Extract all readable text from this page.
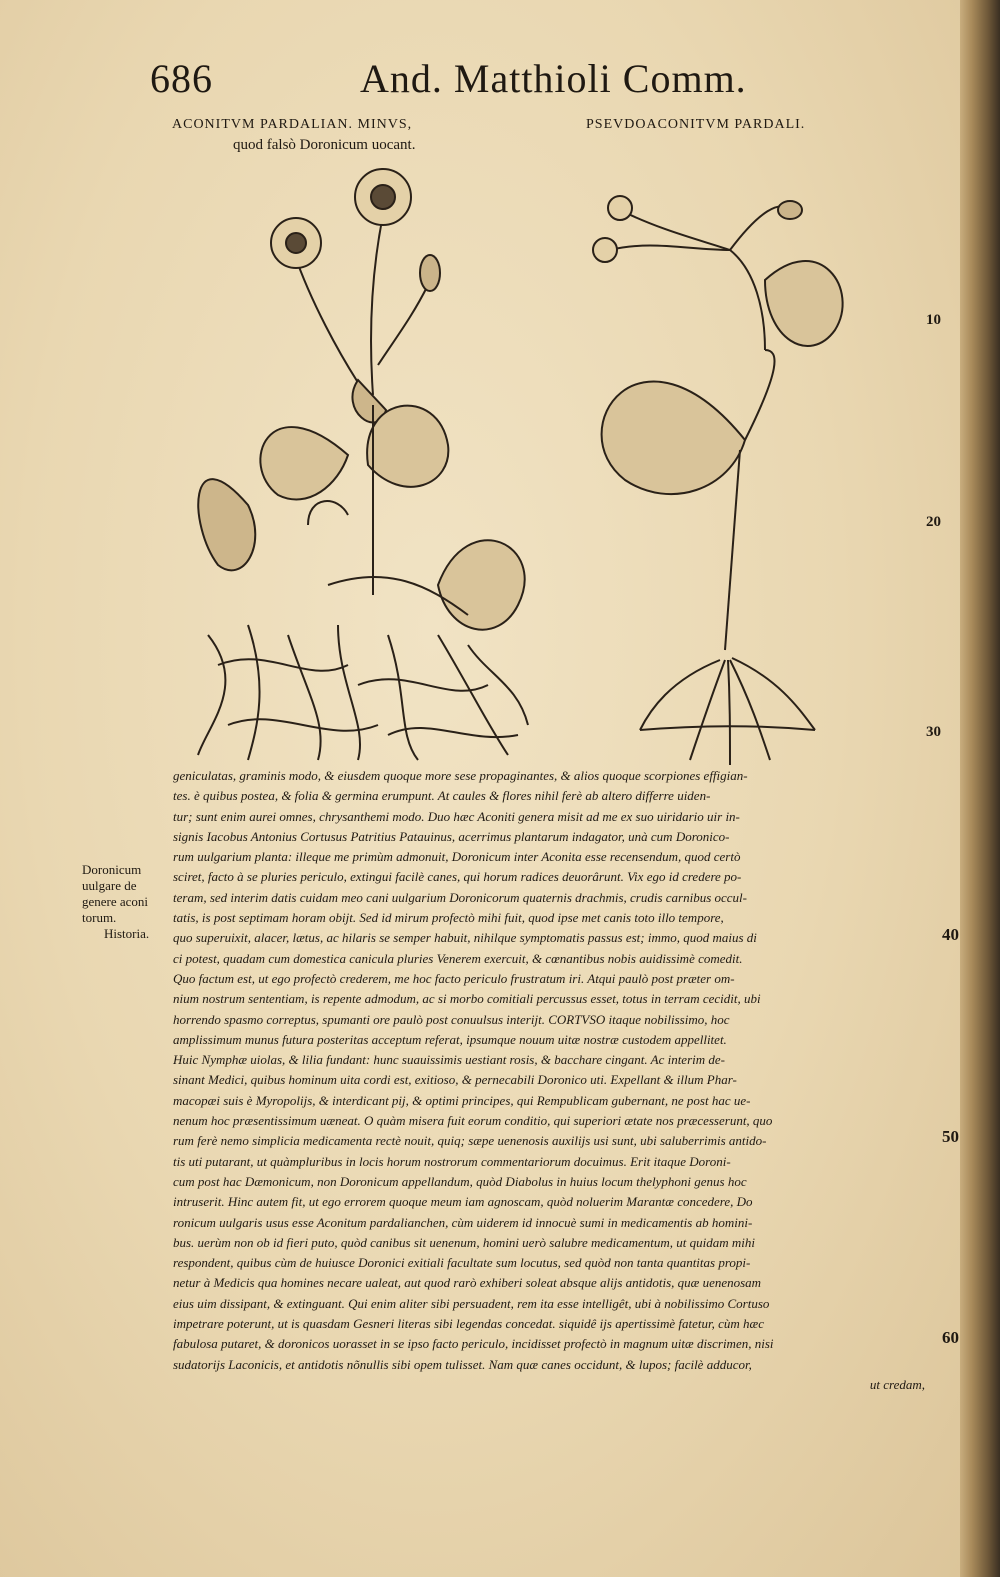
686	And. Matthioli Comm.
ACONITVM PARDALIAN. MINVS,
quod falsò Doronicum uocant.
PSEVDOACONITVM PARDALI.
10
20
30
40
50
60
Doronicum
uulgare de
genere aconi
torum.
Historia.
geniculatas, graminis modo, & eiusdem quoque more sese propaginantes, & alios quoque scorpiones effigian-
tes. è quibus postea, & folia & germina erumpunt. At caules & flores nihil ferè ab altero differre uiden-
tur; sunt enim aurei omnes, chrysanthemi modo. Duo hæc Aconiti genera misit ad me ex suo uiridario uir in-
signis Iacobus Antonius Cortusus Patritius Patauinus, acerrimus plantarum indagator, unà cum Doronico-
rum uulgarium planta: illeque me primùm admonuit, Doronicum inter Aconita esse recensendum, quod certò
sciret, facto à se pluries periculo, extingui facilè canes, qui horum radices deuorârunt. Vix ego id credere po-
teram, sed interim datis cuidam meo cani uulgarium Doronicorum quaternis drachmis, crudis carnibus occul-
tatis, is post septimam horam obijt. Sed id mirum profectò mihi fuit, quod ipse met canis toto illo tempore,
quo superuixit, alacer, lætus, ac hilaris se semper habuit, nihilque symptomatis passus est; immo, quod maius di
ci potest, quadam cum domestica canicula pluries Venerem exercuit, & cœnantibus nobis auidissimè comedit.
Quo factum est, ut ego profectò crederem, me hoc facto periculo frustratum iri. Atqui paulò post præter om-
nium nostrum sententiam, is repente admodum, ac si morbo comitiali percussus esset, totus in terram cecidit, ubi
horrendo spasmo correptus, spumanti ore paulò post conuulsus interijt. CORTVSO itaque nobilissimo, hoc
amplissimum munus futura posteritas acceptum referat, ipsumque nouum uitæ nostræ custodem appellitet.
Huic Nymphæ uiolas, & lilia fundant: hunc suauissimis uestiant rosis, & bacchare cingant. Ac interim de-
sinant Medici, quibus hominum uita cordi est, exitioso, & pernecabili Doronico uti. Expellant & illum Phar-
macopæi suis è Myropolijs, & interdicant pij, & optimi principes, qui Rempublicam gubernant, ne post hac ue-
nenum hoc præsentissimum uæneat. O quàm misera fuit eorum conditio, qui superiori ætate nos præcesserunt, quo
rum ferè nemo simplicia medicamenta rectè nouit, quiq; sæpe uenenosis auxilijs usi sunt, ubi saluberrimis antido-
tis uti putarant, ut quàmpluribus in locis horum nostrorum commentariorum docuimus. Erit itaque Doroni-
cum post hac Dæmonicum, non Doronicum appellandum, quòd Diabolus in huius locum thelyphoni genus hoc
intruserit. Hinc autem fit, ut ego errorem quoque meum iam agnoscam, quòd noluerim Marantæ concedere, Do
ronicum uulgaris usus esse Aconitum pardalianchen, cùm uiderem id innocuè sumi in medicamentis ab homini-
bus. uerùm non ob id fieri puto, quòd canibus sit uenenum, homini uerò salubre medicamentum, ut quidam mihi
respondent, quibus cùm de huiusce Doronici exitiali facultate sum locutus, sed quòd non tanta quantitas propi-
netur à Medicis qua homines necare ualeat, aut quod rarò exhiberi soleat absque alijs antidotis, quæ uenenosam
eius uim dissipant, & extinguant. Qui enim aliter sibi persuadent, rem ita esse intelligêt, ubi à nobilissimo Cortuso
impetrare poterunt, ut is quasdam Gesneri literas sibi legendas concedat. siquidê ijs apertissimè fatetur, cùm hæc
fabulosa putaret, & doronicos uorasset in se ipso facto periculo, incidisset profectò in magnum uitæ discrimen, nisi
sudatorijs Laconicis, et antidotis nõnullis sibi opem tulisset. Nam quæ canes occidunt, & lupos; facilè adducor,
ut credam,
